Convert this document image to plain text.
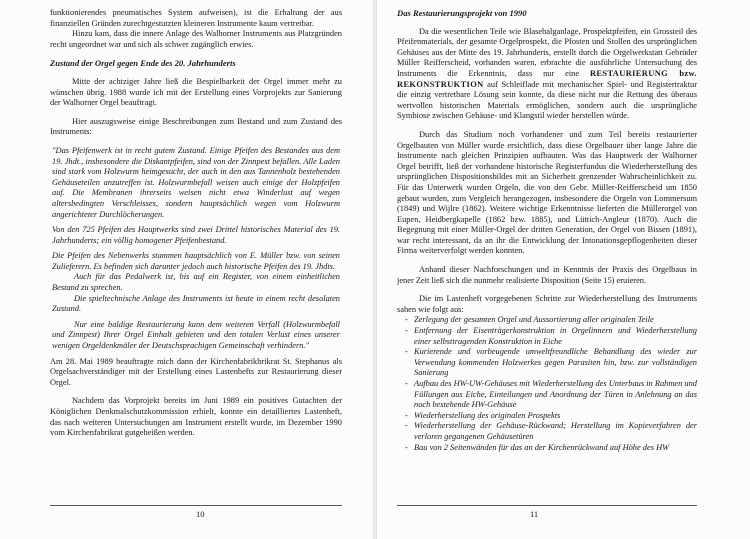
funktionierendes pneumatisches System aufweisen), ist die Erhaltung der aus finanziellen Gründen zurechtgestutzten kleineren Instrumente kaum vertretbar.

Hinzu kam, dass die innere Anlage des Walhorner Instruments aus Platzgründen recht ungeordnet war und sich als schwer zugänglich erwies.

Zustand der Orgel gegen Ende des 20. Jahrhunderts

Mitte der achtziger Jahre ließ die Bespielbarkeit der Orgel immer mehr zu wünschen übrig. 1988 wurde ich mit der Erstellung eines Vorprojekts zur Sanierung der Walhorner Orgel beauftragt.

Hier auszugsweise einige Beschreibungen zum Bestand und zum Zustand des Instruments:

"Das Pfeifenwerk ist in recht gutem Zustand. Einige Pfeifen des Bestandes aus dem 19. Jhdt., insbesondere die Diskantpfeifen, sind von der Zinnpest befallen. Alle Laden sind stark vom Holzwurm heimgesucht, der auch in den aus Tannenholz bestehenden Gehäuseteilen anzutreffen ist. Holzwurmbefall weisen auch einige der Holzpfeifen auf. Die Membranen ihrerseits weisen nicht etwa Winderlust auf wegen altersbedingten Verschleisses, sondern hauptsächlich wegen vom Holzwurm angerichteter Durchlöcherungen.

Von den 725 Pfeifen des Hauptwerks sind zwei Drittel historisches Material des 19. Jahrhunderts; ein völlig homogener Pfeifenbestand.

Die Pfeifen des Nebenwerks stammen hauptsächlich von E. Müller bzw. von seinen Zulieferern. Es befinden sich darunter jedoch auch historische Pfeifen des 19. Jhdts.

Auch für das Pedalwerk ist, bis auf ein Register, von einem einheitlichen Bestand zu sprechen.

Die spieltechnische Anlage des Instruments ist heute in einem recht desolaten Zustand.

Nur eine baldige Restaurierung kann dem weiteren Verfall (Holzwurmbefall und Zinnpest) Ihrer Orgel Einhalt gebieten und den totalen Verlust eines unserer wenigen Orgeldenkmäler der Deutschsprachigen Gemeinschaft verhindern."

Am 28. Mai 1989 beauftragte mich dann der Kirchenfabrikbrikrat St. Stephanus als Orgelsachverständiger mit der Erstellung eines Lastenhefts zur Restaurierung dieser Orgel.

Nachdem das Vorprojekt bereits im Juni 1989 ein positives Gutachten der Königlichen Denkmalschutzkommission erhielt, konnte ein detailliertes Lastenheft, das nach weiteren Untersuchungen am Instrument erstellt wurde, im Dezember 1990 vom Kirchenfabrikrat gutgeheißen werden.

10

Das Restaurierungsprojekt von 1990

Da die wesentlichen Teile wie Blasebalganlage, Prospektpfeifen, ein Grossteil des Pfeifenmaterials, der gesamte Orgelprospekt, die Pfosten und Stollen des ursprünglichen Gehäuses aus der Mitte des 19. Jahrhunderts, erstellt durch die Orgelwerkstatt Gebrüder Müller Reifferscheid, vorhanden waren, erbrachte die ausführliche Untersuchung des Instruments die Erkenntnis, dass nur eine RESTAURIERUNG bzw. REKONSTRUKTION auf Schleiflade mit mechanischer Spiel- und Registertraktur die einzig vertretbare Lösung sein konnte, da diese nicht nur die Rettung des überaus wertvollen historischen Materials ermöglichen, sondern auch die ursprüngliche Symbiose zwischen Gehäuse- und Klangstil wieder herstellen würde.

Durch das Studium noch vorhandener und zum Teil bereits restaurierter Orgelbauten von Müller wurde ersichtlich, dass diese Orgelbauer über lange Jahre die Instrumente nach gleichen Prinzipien aufbauten. Was das Hauptwerk der Walhorner Orgel betrifft, ließ der vorhandene historische Registerfundus die Wiederherstellung des ursprünglichen Dispositionsbildes mit an Sicherheit grenzender Wahrscheinlichkeit zu. Für das Unterwerk wurden Orgeln, die von den Gebr. Müller-Reifferscheid um 1850 gebaut wurden, zum Vergleich herangezogen, insbesondere die Orgeln von Lommersum (1849) und Wijlre (1862). Weitere wichtige Erkenntnisse lieferten die Müllerorgel von Eupen, Heidbergkapelle (1862 bzw. 1885), und Lüttich-Angleur (1870). Auch die Begegnung mit einer Müller-Orgel der dritten Generation, der Orgel von Bissen (1891), war recht interessant, da an ihr die Entwicklung der Intonationsgepflogenheiten dieser Firma weiterverfolgt werden konnten.

Anhand dieser Nachforschungen und in Kenntnis der Praxis des Orgelbaus in jener Zeit ließ sich die nunmehr realisierte Disposition (Seite 15) eruieren.

Die im Lastenheft vorgegebenen Schritte zur Wiederherstellung des Instruments sahen wie folgt aus:

- Zerlegung der gesamten Orgel und Aussortierung aller originalen Teile
- Entfernung der Eisenträgerkonstruktion in Orgelinnern und Wiederherstellung einer selbsttragenden Konstruktion in Eiche
- Kurierende und vorbeugende umweltfreundliche Behandlung des wieder zur Verwendung kommenden Holzwerkes gegen Parasiten hin, bzw. zur vollständigen Sanierung
- Aufbau des HW-UW-Gehäuses mit Wiederherstellung des Unterbaus in Rahmen und Füllungen aus Eiche, Einteilungen und Anordnung der Türen in Anlehnung an das noch bestehende HW-Gehäuse
- Wiederherstellung des originalen Prospekts
- Wiederherstellung der Gehäuse-Rückwand; Herstellung im Kopieverfahren der verloren gegangenen Gehäusetüren
- Bau von 2 Seitenwänden für das an der Kirchenrückwand auf Höhe des HW
11
